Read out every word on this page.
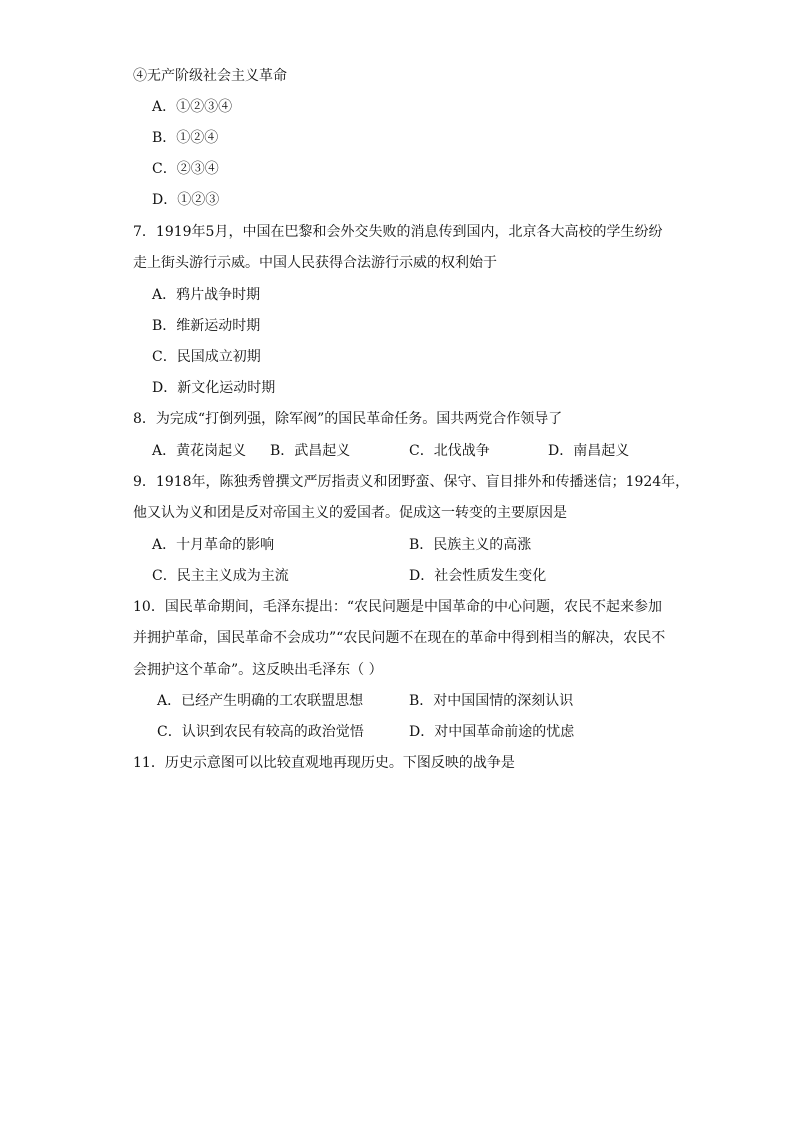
④无产阶级社会主义革命
A．①②③④
B．①②④
C．②③④
D．①②③
7．1919年5月，中国在巴黎和会外交失败的消息传到国内，北京各大高校的学生纷纷
走上街头游行示威。中国人民获得合法游行示威的权利始于
A．鸦片战争时期
B．维新运动时期
C．民国成立初期
D．新文化运动时期
8．为完成“打倒列强，除军阀”的国民革命任务。国共两党合作领导了
A．黄花岗起义 B．武昌起义	C．北伐战争	D．南昌起义
9．1918年，陈独秀曾撰文严厉指责义和团野蛮、保守、盲目排外和传播迷信；1924年，
他又认为义和团是反对帝国主义的爱国者。促成这一转变的主要原因是
A．十月革命的影响	B．民族主义的高涨
C．民主主义成为主流	D．社会性质发生变化
10．国民革命期间，毛泽东提出：“农民问题是中国革命的中心问题，农民不起来参加
并拥护革命，国民革命不会成功”“农民问题不在现在的革命中得到相当的解决，农民不
会拥护这个革命”。这反映出毛泽东（ ）
A．已经产生明确的工农联盟思想	B．对中国国情的深刻认识
C．认识到农民有较高的政治觉悟	D．对中国革命前途的忧虑
11．历史示意图可以比较直观地再现历史。下图反映的战争是
